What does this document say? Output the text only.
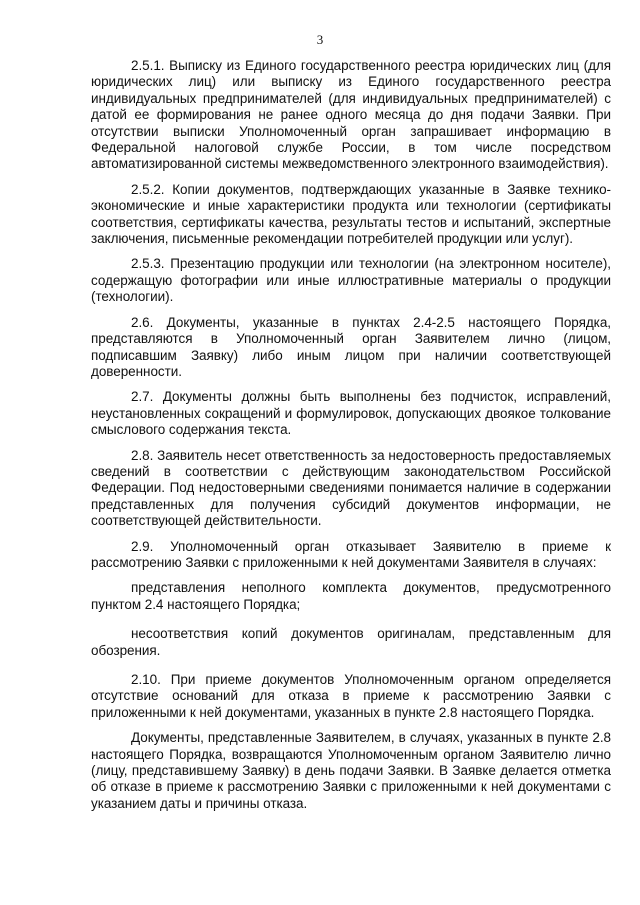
3

2.5.1. Выписку из Единого государственного реестра юридических лиц (для юридических лиц) или выписку из Единого государственного реестра индивидуальных предпринимателей (для индивидуальных предпринимателей) с датой ее формирования не ранее одного месяца до дня подачи Заявки. При отсутствии выписки Уполномоченный орган запрашивает информацию в Федеральной налоговой службе России, в том числе посредством автоматизированной системы межведомственного электронного взаимодействия).

2.5.2. Копии документов, подтверждающих указанные в Заявке технико-экономические и иные характеристики продукта или технологии (сертификаты соответствия, сертификаты качества, результаты тестов и испытаний, экспертные заключения, письменные рекомендации потребителей продукции или услуг).

2.5.3. Презентацию продукции или технологии (на электронном носителе), содержащую фотографии или иные иллюстративные материалы о продукции (технологии).

2.6. Документы, указанные в пунктах 2.4-2.5 настоящего Порядка, представляются в Уполномоченный орган Заявителем лично (лицом, подписавшим Заявку) либо иным лицом при наличии соответствующей доверенности.

2.7. Документы должны быть выполнены без подчисток, исправлений, неустановленных сокращений и формулировок, допускающих двоякое толкование смыслового содержания текста.

2.8. Заявитель несет ответственность за недостоверность предоставляемых сведений в соответствии с действующим законодательством Российской Федерации. Под недостоверными сведениями понимается наличие в содержании представленных для получения субсидий документов информации, не соответствующей действительности.

2.9. Уполномоченный орган отказывает Заявителю в приеме к рассмотрению Заявки с приложенными к ней документами Заявителя в случаях:

представления неполного комплекта документов, предусмотренного пунктом 2.4 настоящего Порядка;

несоответствия копий документов оригиналам, представленным для обозрения.

2.10. При приеме документов Уполномоченным органом определяется отсутствие оснований для отказа в приеме к рассмотрению Заявки с приложенными к ней документами, указанных в пункте 2.8 настоящего Порядка.

Документы, представленные Заявителем, в случаях, указанных в пункте 2.8 настоящего Порядка, возвращаются Уполномоченным органом Заявителю лично (лицу, представившему Заявку) в день подачи Заявки. В Заявке делается отметка об отказе в приеме к рассмотрению Заявки с приложенными к ней документами с указанием даты и причины отказа.
